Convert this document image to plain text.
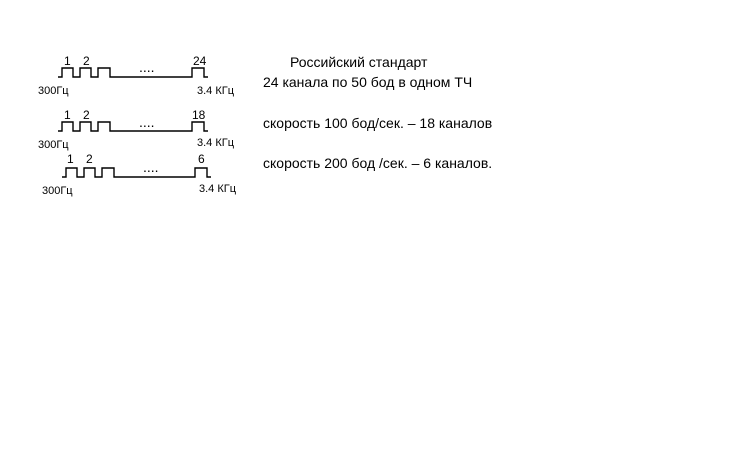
1 2	24
....
300Гц	3.4 КГц
1 2	18
....
300Гц	3.4 КГц
1 2	6
....
300Гц	3.4 КГц
Российский стандарт
24 канала по 50 бод в одном ТЧ
скорость 100 бод/сек. – 18 каналов
скорость 200 бод /сек. – 6 каналов.
